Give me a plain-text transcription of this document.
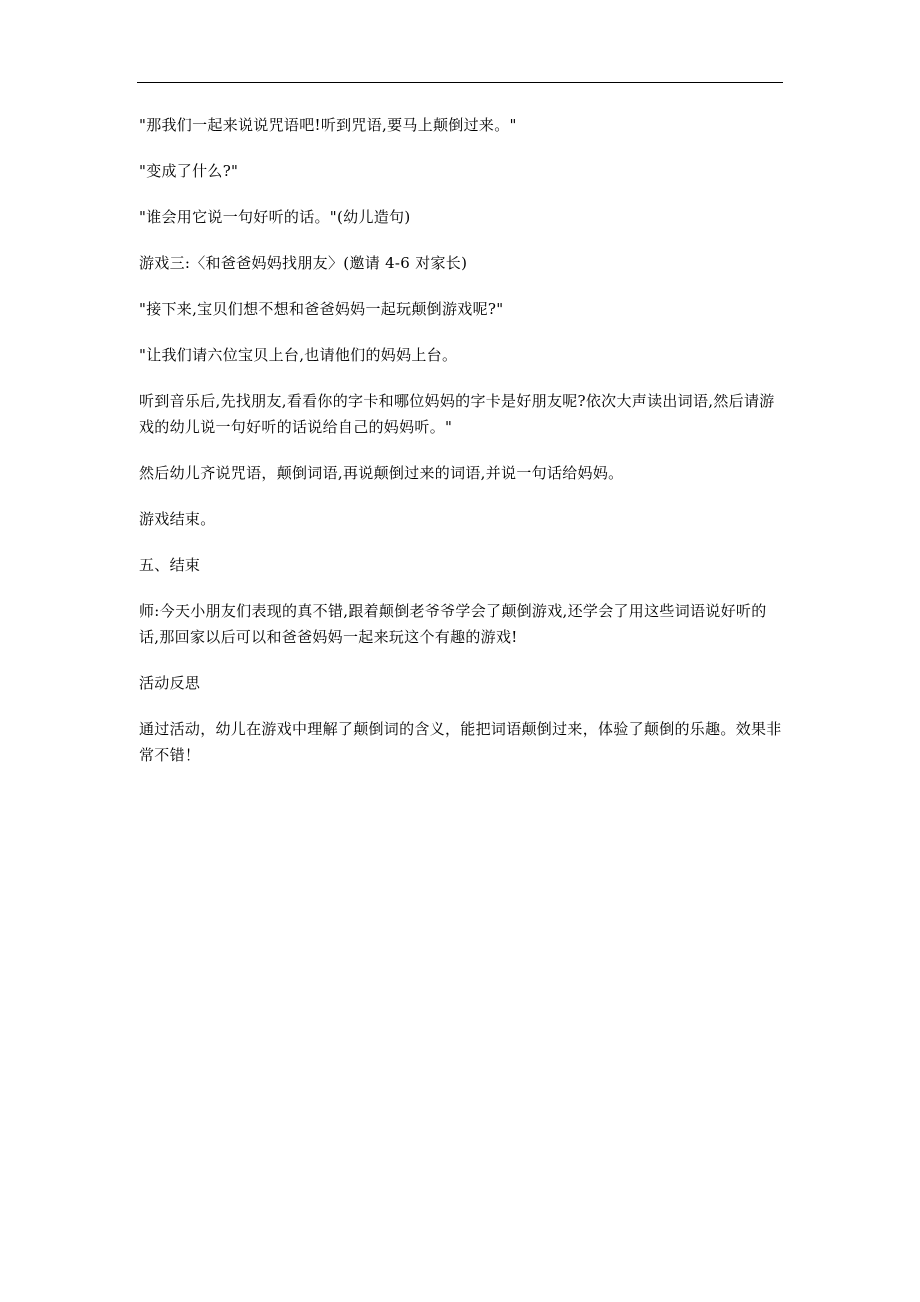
"那我们一起来说说咒语吧!听到咒语,要马上颠倒过来。"

"变成了什么?"

"谁会用它说一句好听的话。"(幼儿造句)

游戏三:〈和爸爸妈妈找朋友〉(邀请 4-6 对家长)

"接下来,宝贝们想不想和爸爸妈妈一起玩颠倒游戏呢?"

"让我们请六位宝贝上台,也请他们的妈妈上台。

听到音乐后,先找朋友,看看你的字卡和哪位妈妈的字卡是好朋友呢?依次大声读出词语,然后请游戏的幼儿说一句好听的话说给自己的妈妈听。"

然后幼儿齐说咒语，颠倒词语,再说颠倒过来的词语,并说一句话给妈妈。

游戏结束。

五、结束

师:今天小朋友们表现的真不错,跟着颠倒老爷爷学会了颠倒游戏,还学会了用这些词语说好听的话,那回家以后可以和爸爸妈妈一起来玩这个有趣的游戏!

活动反思

通过活动，幼儿在游戏中理解了颠倒词的含义，能把词语颠倒过来，体验了颠倒的乐趣。效果非常不错！
